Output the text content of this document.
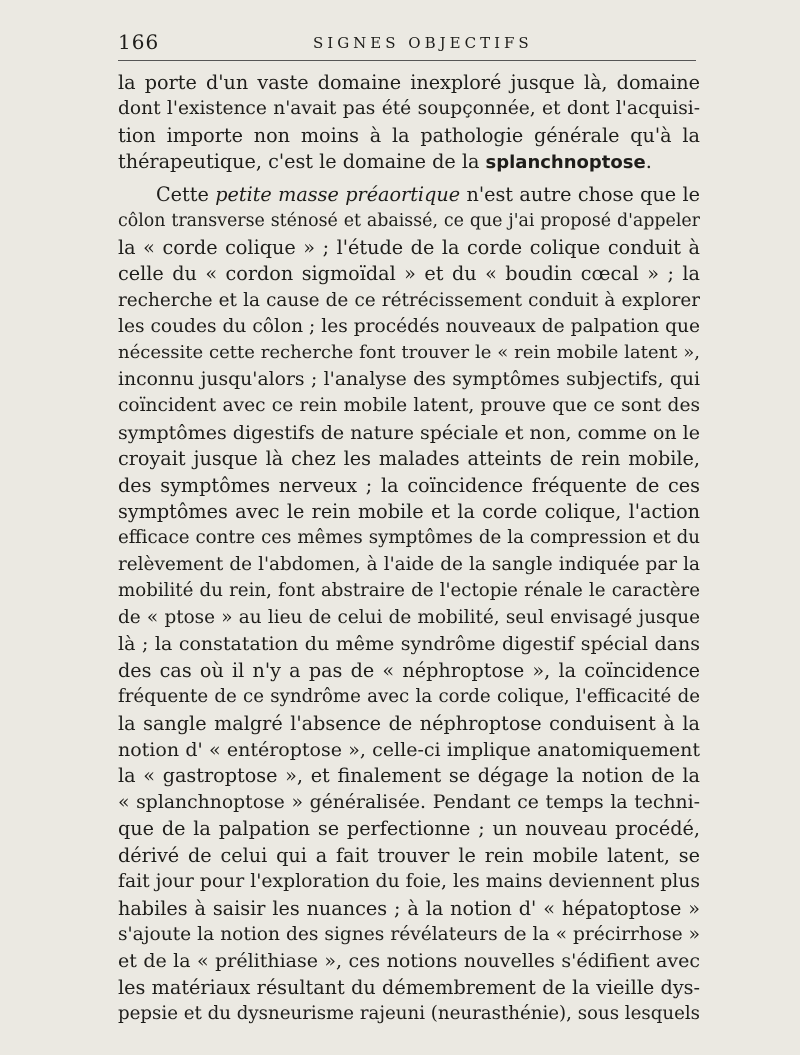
166	SIGNES OBJECTIFS
la porte d'un vaste domaine inexploré jusque là, domaine
dont l'existence n'avait pas été soupçonnée, et dont l'acquisi-
tion importe non moins à la pathologie générale qu'à la
thérapeutique, c'est le domaine de la splanchnoptose.
Cette petite masse préaortique n'est autre chose que le
côlon transverse sténosé et abaissé, ce que j'ai proposé d'appeler
la « corde colique » ; l'étude de la corde colique conduit à
celle du « cordon sigmoïdal » et du « boudin cœcal » ; la
recherche et la cause de ce rétrécissement conduit à explorer
les coudes du côlon ; les procédés nouveaux de palpation que
nécessite cette recherche font trouver le « rein mobile latent »,
inconnu jusqu'alors ; l'analyse des symptômes subjectifs, qui
coïncident avec ce rein mobile latent, prouve que ce sont des
symptômes digestifs de nature spéciale et non, comme on le
croyait jusque là chez les malades atteints de rein mobile,
des symptômes nerveux ; la coïncidence fréquente de ces
symptômes avec le rein mobile et la corde colique, l'action
efficace contre ces mêmes symptômes de la compression et du
relèvement de l'abdomen, à l'aide de la sangle indiquée par la
mobilité du rein, font abstraire de l'ectopie rénale le caractère
de « ptose » au lieu de celui de mobilité, seul envisagé jusque
là ; la constatation du même syndrôme digestif spécial dans
des cas où il n'y a pas de « néphroptose », la coïncidence
fréquente de ce syndrôme avec la corde colique, l'efficacité de
la sangle malgré l'absence de néphroptose conduisent à la
notion d' « entéroptose », celle-ci implique anatomiquement
la « gastroptose », et finalement se dégage la notion de la
« splanchnoptose » généralisée. Pendant ce temps la techni-
que de la palpation se perfectionne ; un nouveau procédé,
dérivé de celui qui a fait trouver le rein mobile latent, se
fait jour pour l'exploration du foie, les mains deviennent plus
habiles à saisir les nuances ; à la notion d' « hépatoptose »
s'ajoute la notion des signes révélateurs de la « précirrhose »
et de la « prélithiase », ces notions nouvelles s'édifient avec
les matériaux résultant du démembrement de la vieille dys-
pepsie et du dysneurisme rajeuni (neurasthénie), sous lesquels
